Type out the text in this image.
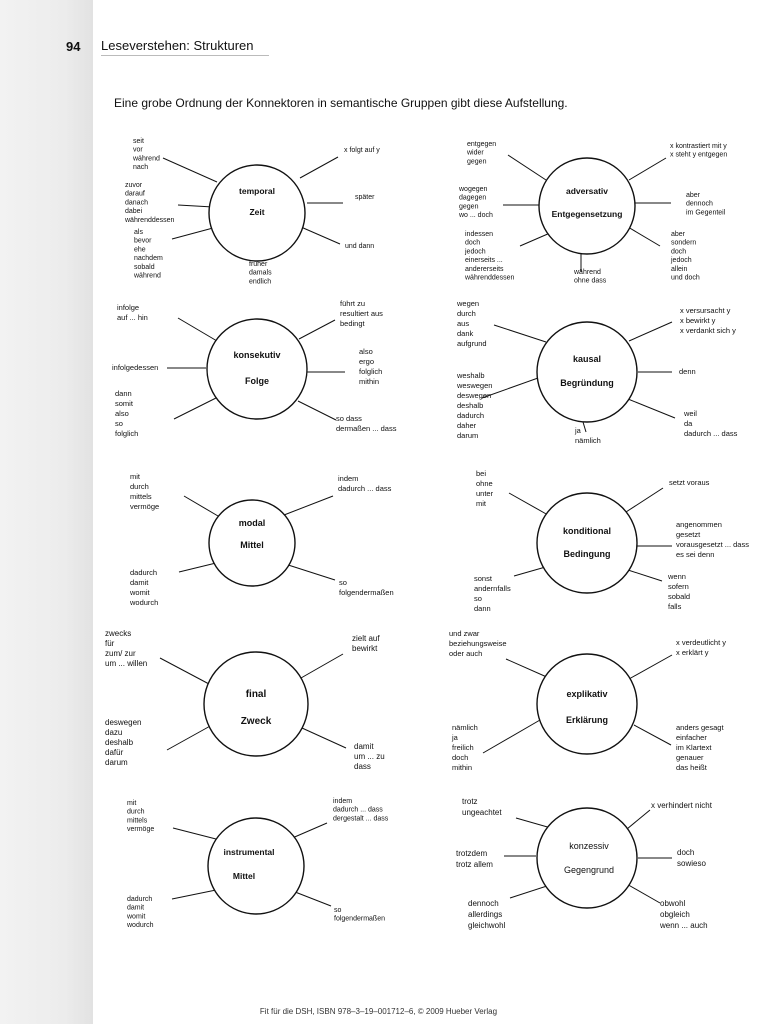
94 Leseverstehen: Strukturen
Eine grobe Ordnung der Konnektoren in semantische Gruppen gibt diese Aufstellung.
temporal
Zeit
seit vor während nach
x folgt auf y
zuvor darauf danach dabei währenddessen
später
als bevor ehe nachdem sobald während
früher damals endlich
und dann
adversativ
Entgegensetzung
entgegen wider gegen
x kontrastiert mit y x steht y entgegen
wogegen dagegen gegen wo ... doch
aber dennoch im Gegenteil
indessen doch jedoch einerseits ... andererseits währenddessen
während ohne dass
aber sondern doch jedoch allein und doch
konsekutiv
Folge
infolge auf ... hin
führt zu resultiert aus bedingt
infolgedessen
also ergo folglich mithin
dann somit also so folglich
so dass dermaßen ... dass
kausal
Begründung
wegen durch aus dank aufgrund
x versursacht y x bewirkt y x verdankt sich y
weshalb weswegen deswegen deshalb dadurch daher darum
denn
ja nämlich
weil da dadurch ... dass
modal
Mittel
mit durch mittels vermöge
indem dadurch ... dass
dadurch damit womit wodurch
so folgendermaßen
konditional
Bedingung
bei ohne unter mit
setzt voraus
angenommen gesetzt vorausgesetzt ... dass es sei denn
sonst andernfalls so dann
wenn sofern sobald falls
final
Zweck
zwecks für zum/ zur um ... willen
zielt auf bewirkt
deswegen dazu deshalb dafür darum
damit um ... zu dass
explikativ
Erklärung
und zwar beziehungsweise oder auch
x verdeutlicht y x erklärt y
nämlich ja freilich doch mithin
anders gesagt einfacher im Klartext genauer das heißt
instrumental
Mittel
mit durch mittels vermöge
indem dadurch ... dass dergestalt ... dass
dadurch damit womit wodurch
so folgendermaßen
konzessiv
Gegengrund
trotz ungeachtet
x verhindert nicht
trotzdem trotz allem
doch sowieso
dennoch allerdings gleichwohl
obwohl obgleich wenn ... auch
Fit für die DSH, ISBN 978–3–19–001712–6, © 2009 Hueber Verlag
